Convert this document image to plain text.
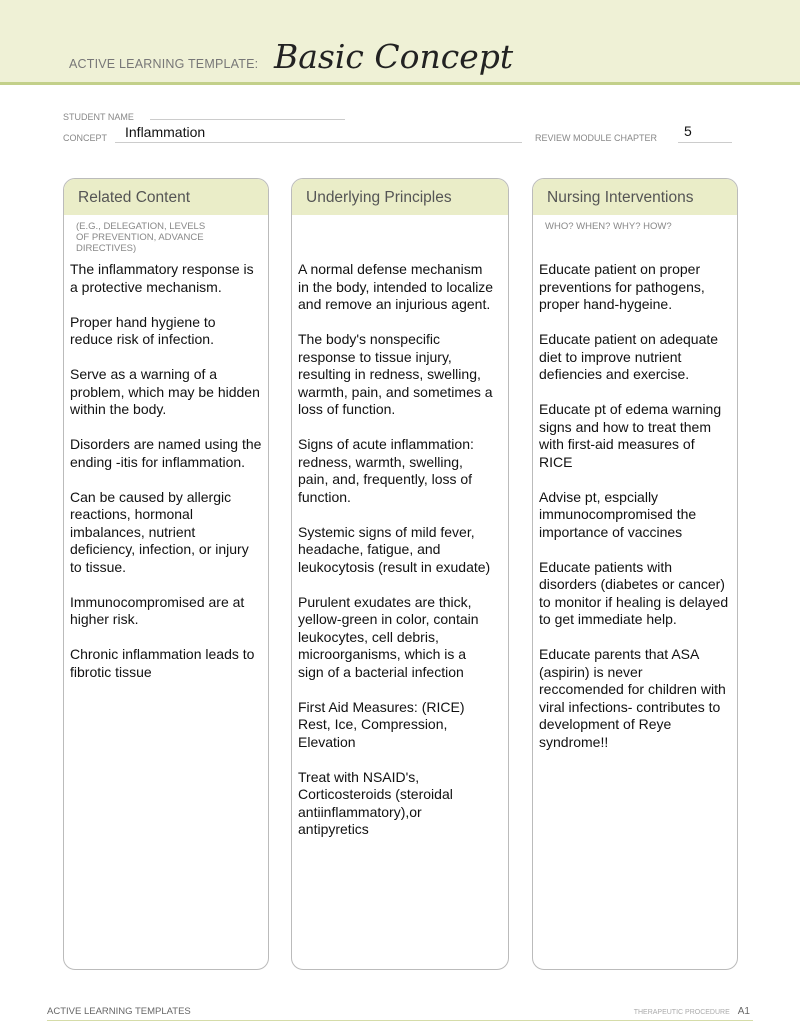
ACTIVE LEARNING TEMPLATE: Basic Concept
STUDENT NAME
CONCEPT Inflammation	REVIEW MODULE CHAPTER 5
Related Content
(E.G., DELEGATION, LEVELS OF PREVENTION, ADVANCE DIRECTIVES)

The inflammatory response is a protective mechanism.

Proper hand hygiene to reduce risk of infection.

Serve as a warning of a problem, which may be hidden within the body.

Disorders are named using the ending -itis for inflammation.

Can be caused by allergic reactions, hormonal imbalances, nutrient deficiency, infection, or injury to tissue.

Immunocompromised are at higher risk.

Chronic inflammation leads to fibrotic tissue

Underlying Principles

A normal defense mechanism in the body, intended to localize and remove an injurious agent.

The body's nonspecific response to tissue injury, resulting in redness, swelling, warmth, pain, and sometimes a loss of function.

Signs of acute inflammation: redness, warmth, swelling, pain, and, frequently, loss of function.

Systemic signs of mild fever, headache, fatigue, and leukocytosis (result in exudate)

Purulent exudates are thick, yellow-green in color, contain leukocytes, cell debris, microorganisms, which is a sign of a bacterial infection

First Aid Measures: (RICE) Rest, Ice, Compression, Elevation

Treat with NSAID's, Corticosteroids (steroidal antiinflammatory),or antipyretics

Nursing Interventions
WHO? WHEN? WHY? HOW?

Educate patient on proper preventions for pathogens, proper hand-hygeine.

Educate patient on adequate diet to improve nutrient defiencies and exercise.

Educate pt of edema warning signs and how to treat them with first-aid measures of RICE

Advise pt, espcially immunocompromised the importance of vaccines

Educate patients with disorders (diabetes or cancer) to monitor if healing is delayed to get immediate help.

Educate parents that ASA (aspirin) is never reccomended for children with viral infections- contributes to development of Reye syndrome!!

ACTIVE LEARNING TEMPLATES	THERAPEUTIC PROCEDURE A1
